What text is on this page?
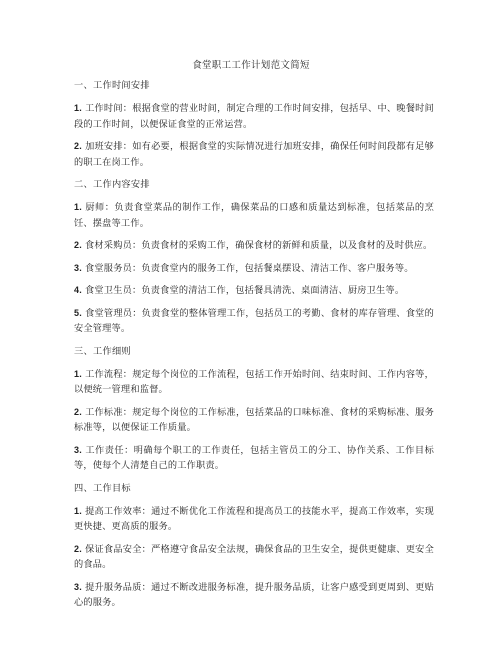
食堂职工工作计划范文简短
一、工作时间安排

1. 工作时间：根据食堂的营业时间，制定合理的工作时间安排，包括早、中、晚餐时间段的工作时间，以便保证食堂的正常运营。

2. 加班安排：如有必要，根据食堂的实际情况进行加班安排，确保任何时间段都有足够的职工在岗工作。

二、工作内容安排

1. 厨师：负责食堂菜品的制作工作，确保菜品的口感和质量达到标准，包括菜品的烹饪、摆盘等工作。

2. 食材采购员：负责食材的采购工作，确保食材的新鲜和质量，以及食材的及时供应。

3. 食堂服务员：负责食堂内的服务工作，包括餐桌摆设、清洁工作、客户服务等。

4. 食堂卫生员：负责食堂的清洁工作，包括餐具清洗、桌面清洁、厨房卫生等。

5. 食堂管理员：负责食堂的整体管理工作，包括员工的考勤、食材的库存管理、食堂的安全管理等。

三、工作细则

1. 工作流程：规定每个岗位的工作流程，包括工作开始时间、结束时间、工作内容等，以便统一管理和监督。

2. 工作标准：规定每个岗位的工作标准，包括菜品的口味标准、食材的采购标准、服务标准等，以便保证工作质量。

3. 工作责任：明确每个职工的工作责任，包括主管员工的分工、协作关系、工作目标等，使每个人清楚自己的工作职责。

四、工作目标

1. 提高工作效率：通过不断优化工作流程和提高员工的技能水平，提高工作效率，实现更快捷、更高质的服务。

2. 保证食品安全：严格遵守食品安全法规，确保食品的卫生安全，提供更健康、更安全的食品。

3. 提升服务品质：通过不断改进服务标准，提升服务品质，让客户感受到更周到、更贴心的服务。
